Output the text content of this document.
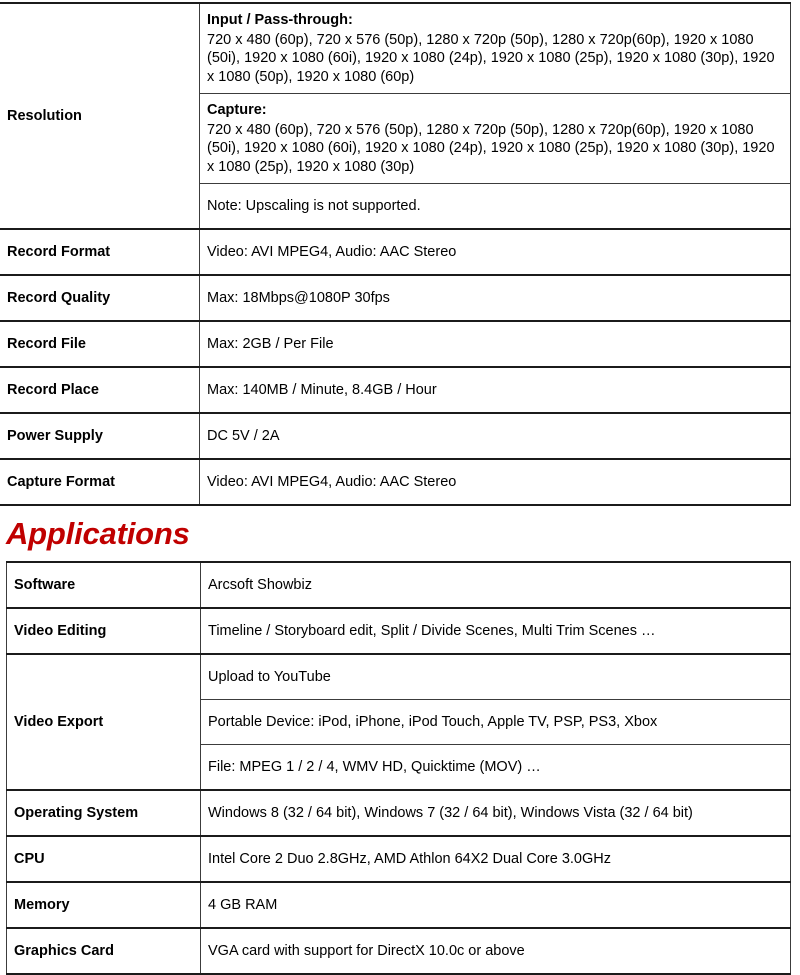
Resolution	Input / Pass-through:
720 x 480 (60p), 720 x 576 (50p), 1280 x 720p (50p), 1280 x 720p(60p), 1920 x 1080 (50i), 1920 x 1080 (60i), 1920 x 1080 (24p), 1920 x 1080 (25p), 1920 x 1080 (30p), 1920 x 1080 (50p), 1920 x 1080 (60p)

	Capture:
720 x 480 (60p), 720 x 576 (50p), 1280 x 720p (50p), 1280 x 720p(60p), 1920 x 1080 (50i), 1920 x 1080 (60i), 1920 x 1080 (24p), 1920 x 1080 (25p), 1920 x 1080 (30p), 1920 x 1080 (25p), 1920 x 1080 (30p)

	Note: Upscaling is not supported.
Record Format	Video: AVI MPEG4, Audio: AAC Stereo
Record Quality	Max: 18Mbps@1080P 30fps
Record File	Max: 2GB / Per File
Record Place	Max: 140MB / Minute, 8.4GB / Hour
Power Supply	DC 5V / 2A
Capture Format	Video: AVI MPEG4, Audio: AAC Stereo
Applications
Software	Arcsoft Showbiz
Video Editing	Timeline / Storyboard edit, Split / Divide Scenes, Multi Trim Scenes …
Video Export	Upload to YouTube
	Portable Device: iPod, iPhone, iPod Touch, Apple TV, PSP, PS3, Xbox
	File: MPEG 1 / 2 / 4, WMV HD, Quicktime (MOV) …
Operating System	Windows 8 (32 / 64 bit), Windows 7 (32 / 64 bit), Windows Vista (32 / 64 bit)
CPU	Intel Core 2 Duo 2.8GHz, AMD Athlon 64X2 Dual Core 3.0GHz
Memory	4 GB RAM
Graphics Card	VGA card with support for DirectX 10.0c or above
